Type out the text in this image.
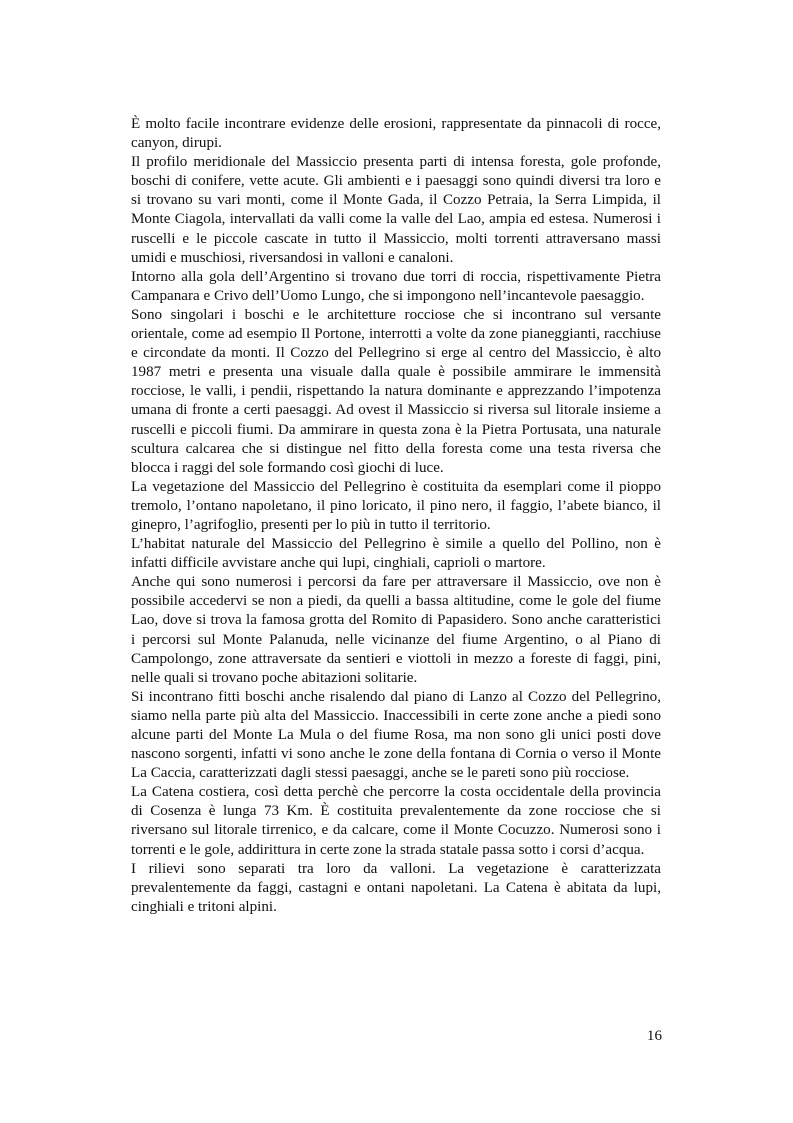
È molto facile incontrare evidenze delle erosioni, rappresentate da pinnacoli di rocce, canyon, dirupi.

Il profilo meridionale del Massiccio presenta parti di intensa foresta, gole profonde, boschi di conifere, vette acute. Gli ambienti e i paesaggi sono quindi diversi tra loro e si trovano su vari monti, come il Monte Gada, il Cozzo Petraia, la Serra Limpida, il Monte Ciagola, intervallati da valli come la valle del Lao, ampia ed estesa. Numerosi i ruscelli e le piccole cascate in tutto il Massiccio, molti torrenti attraversano massi umidi e muschiosi, riversandosi in valloni e canaloni.

Intorno alla gola dell’Argentino si trovano due torri di roccia, rispettivamente Pietra Campanara e Crivo dell’Uomo Lungo, che si impongono nell’incantevole paesaggio.

Sono singolari i boschi e le architetture rocciose che si incontrano sul versante orientale, come ad esempio Il Portone, interrotti a volte da zone pianeggianti, racchiuse e circondate da monti. Il Cozzo del Pellegrino si erge al centro del Massiccio, è alto 1987 metri e presenta una visuale dalla quale è possibile ammirare le immensità rocciose, le valli, i pendii, rispettando la natura dominante e apprezzando l’impotenza umana di fronte a certi paesaggi. Ad ovest il Massiccio si riversa sul litorale insieme a ruscelli e piccoli fiumi. Da ammirare in questa zona è la Pietra Portusata, una naturale scultura calcarea che si distingue nel fitto della foresta come una testa riversa che blocca i raggi del sole formando così giochi di luce.

La vegetazione del Massiccio del Pellegrino è costituita da esemplari come il pioppo tremolo, l’ontano napoletano, il pino loricato, il pino nero, il faggio, l’abete bianco, il ginepro, l’agrifoglio, presenti per lo più in tutto il territorio.

L’habitat naturale del Massiccio del Pellegrino è simile a quello del Pollino, non è infatti difficile avvistare anche qui lupi, cinghiali, caprioli o martore.

Anche qui sono numerosi i percorsi da fare per attraversare il Massiccio, ove non è possibile accedervi se non a piedi, da quelli a bassa altitudine, come le gole del fiume Lao, dove si trova la famosa grotta del Romito di Papasidero. Sono anche caratteristici i percorsi sul Monte Palanuda, nelle vicinanze del fiume Argentino, o al Piano di Campolongo, zone attraversate da sentieri e viottoli in mezzo a foreste di faggi, pini, nelle quali si trovano poche abitazioni solitarie.

Si incontrano fitti boschi anche risalendo dal piano di Lanzo al Cozzo del Pellegrino, siamo nella parte più alta del Massiccio. Inaccessibili in certe zone anche a piedi sono alcune parti del Monte La Mula o del fiume Rosa, ma non sono gli unici posti dove nascono sorgenti, infatti vi sono anche le zone della fontana di Cornia o verso il Monte La Caccia, caratterizzati dagli stessi paesaggi, anche se le pareti sono più rocciose.

La Catena costiera, così detta perchè che percorre la costa occidentale della provincia di Cosenza è lunga 73 Km. È costituita prevalentemente da zone rocciose che si riversano sul litorale tirrenico, e da calcare, come il Monte Cocuzzo. Numerosi sono i torrenti e le gole, addirittura in certe zone la strada statale passa sotto i corsi d’acqua.

I rilievi sono separati tra loro da valloni. La vegetazione è caratterizzata prevalentemente da faggi, castagni e ontani napoletani. La Catena è abitata da lupi, cinghiali e tritoni alpini.

16
